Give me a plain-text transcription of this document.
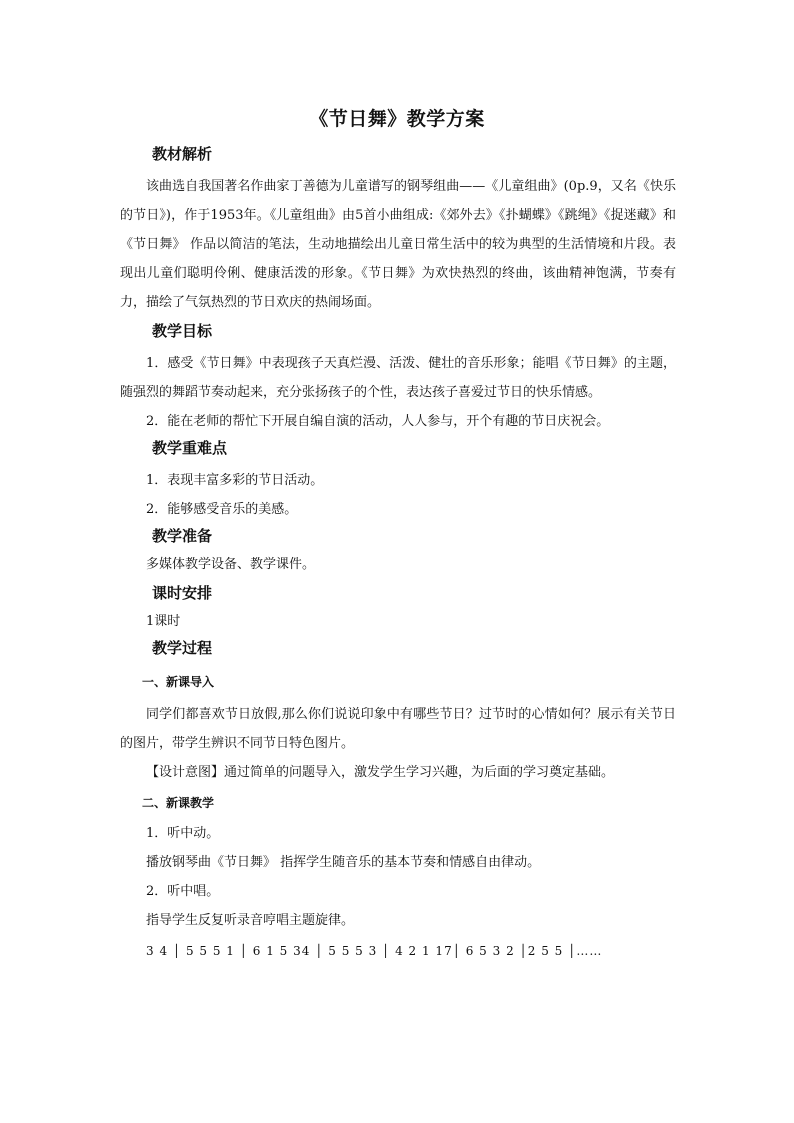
《节日舞》教学方案

教材解析

该曲选自我国著名作曲家丁善德为儿童谱写的钢琴组曲——《儿童组曲》(0p.9，又名《快乐的节日》)，作于1953年。《儿童组曲》由5首小曲组成:《郊外去》《扑蝴蝶》《跳绳》《捉迷藏》和《节日舞》 作品以简洁的笔法，生动地描绘出儿童日常生活中的较为典型的生活情境和片段。表现出儿童们聪明伶俐、健康活泼的形象。《节日舞》为欢快热烈的终曲，该曲精神饱满，节奏有力，描绘了气氛热烈的节日欢庆的热闹场面。

教学目标

1．感受《节日舞》中表现孩子天真烂漫、活泼、健壮的音乐形象；能唱《节日舞》的主题，随强烈的舞蹈节奏动起来，充分张扬孩子的个性，表达孩子喜爱过节日的快乐情感。

2．能在老师的帮忙下开展自编自演的活动，人人参与，开个有趣的节日庆祝会。

教学重难点

1．表现丰富多彩的节日活动。

2．能够感受音乐的美感。

教学准备

多媒体教学设备、教学课件。

课时安排

1课时

教学过程

一、新课导入

同学们都喜欢节日放假,那么你们说说印象中有哪些节日？过节时的心情如何？展示有关节日的图片，带学生辨识不同节日特色图片。

【设计意图】通过简单的问题导入，激发学生学习兴趣，为后面的学习奠定基础。

二、新课教学

1．听中动。

播放钢琴曲《节日舞》 指挥学生随音乐的基本节奏和情感自由律动。

2．听中唱。

指导学生反复听录音哼唱主题旋律。

3 4 │ 5 5 5 1 │ 6 1 5 34 │ 5 5 5 3 │ 4 2 1 17│ 6 5 3 2 │2 5 5 │……
